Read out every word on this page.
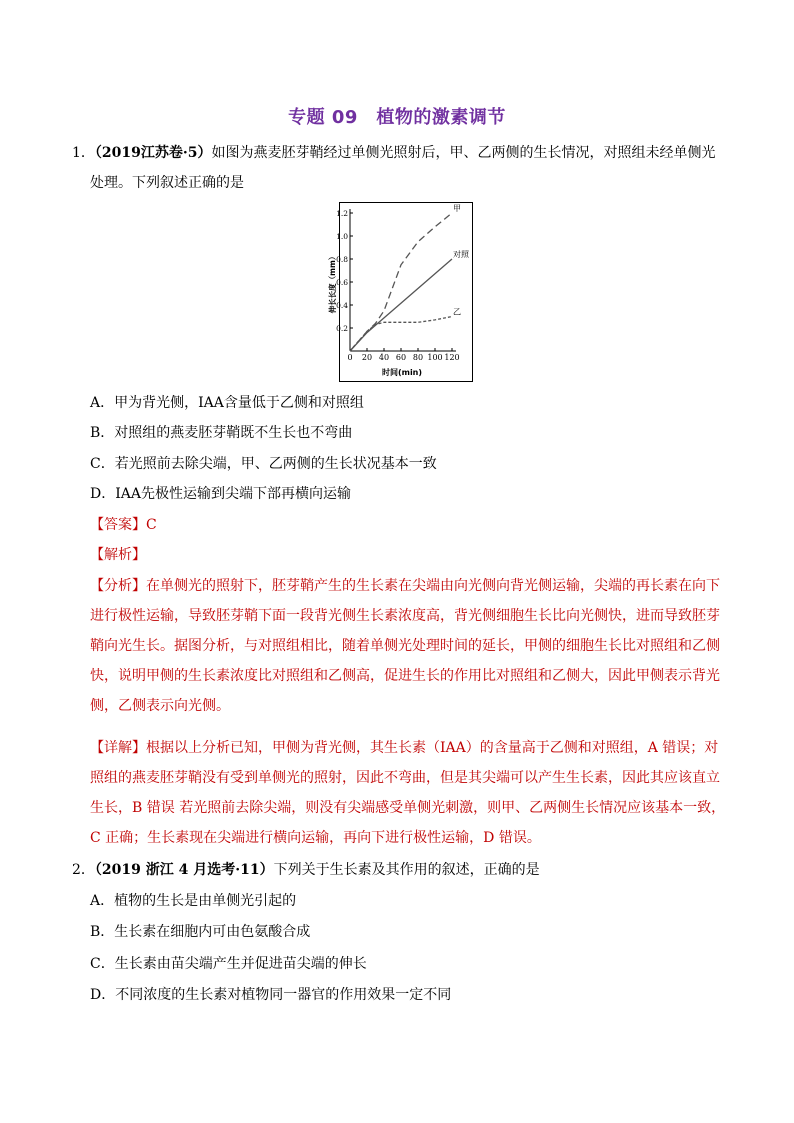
专题 09　植物的激素调节
1．（2019江苏卷·5）如图为燕麦胚芽鞘经过单侧光照射后，甲、乙两侧的生长情况，对照组未经单侧光
处理。下列叙述正确的是
0 20 40 60 80 100 120
0.2
0.4
0.6
0.8
1.0
1.2
甲
对照
乙
时间(min)
伸长长度（mm）
A．甲为背光侧，IAA含量低于乙侧和对照组
B．对照组的燕麦胚芽鞘既不生长也不弯曲
C．若光照前去除尖端，甲、乙两侧的生长状况基本一致
D．IAA先极性运输到尖端下部再横向运输
【答案】C
【解析】
【分析】在单侧光的照射下，胚芽鞘产生的生长素在尖端由向光侧向背光侧运输，尖端的再长素在向下
进行极性运输，导致胚芽鞘下面一段背光侧生长素浓度高，背光侧细胞生长比向光侧快，进而导致胚芽
鞘向光生长。据图分析，与对照组相比，随着单侧光处理时间的延长，甲侧的细胞生长比对照组和乙侧
快，说明甲侧的生长素浓度比对照组和乙侧高，促进生长的作用比对照组和乙侧大，因此甲侧表示背光
侧，乙侧表示向光侧。
【详解】根据以上分析已知，甲侧为背光侧，其生长素（IAA）的含量高于乙侧和对照组，A 错误；对
照组的燕麦胚芽鞘没有受到单侧光的照射，因此不弯曲，但是其尖端可以产生生长素，因此其应该直立
生长，B 错误 若光照前去除尖端，则没有尖端感受单侧光刺激，则甲、乙两侧生长情况应该基本一致，
C 正确；生长素现在尖端进行横向运输，再向下进行极性运输，D 错误。
2．（2019 浙江 4 月选考·11）下列关于生长素及其作用的叙述，正确的是
A．植物的生长是由单侧光引起的
B．生长素在细胞内可由色氨酸合成
C．生长素由苗尖端产生并促进苗尖端的伸长
D．不同浓度的生长素对植物同一器官的作用效果一定不同
